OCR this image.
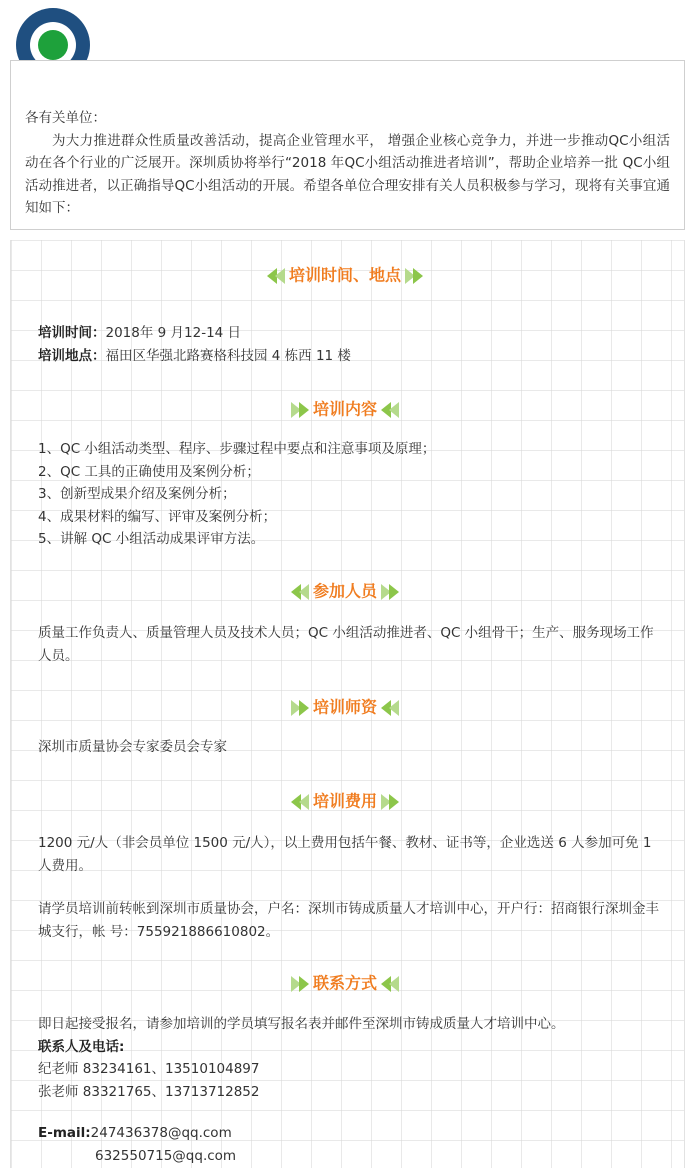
各有关单位：

为大力推进群众性质量改善活动，提高企业管理水平， 增强企业核心竞争力，并进一步推动QC小组活动在各个行业的广泛展开。深圳质协将举行“2018 年QC小组活动推进者培训”，帮助企业培养一批 QC小组活动推进者，以正确指导QC小组活动的开展。希望各单位合理安排有关人员积极参与学习，现将有关事宜通知如下：

培训时间、地点

培训时间：2018年 9 月12-14 日

培训地点：福田区华强北路赛格科技园 4 栋西 11 楼

培训内容

1、QC 小组活动类型、程序、步骤过程中要点和注意事项及原理；

2、QC 工具的正确使用及案例分析；

3、创新型成果介绍及案例分析；

4、成果材料的编写、评审及案例分析；

5、讲解 QC 小组活动成果评审方法。

参加人员
质量工作负责人、质量管理人员及技术人员；QC 小组活动推进者、QC 小组骨干；生产、服务现场工作人员。
培训师资
深圳市质量协会专家委员会专家
培训费用
1200 元/人（非会员单位 1500 元/人），以上费用包括午餐、教材、证书等，企业选送 6 人参加可免 1 人费用。
请学员培训前转帐到深圳市质量协会，户名：深圳市铸成质量人才培训中心，开户行：招商银行深圳金丰城支行，帐 号：755921886610802。
联系方式

即日起接受报名，请参加培训的学员填写报名表并邮件至深圳市铸成质量人才培训中心。

联系人及电话:

纪老师 83234161、13510104897

张老师 83321765、13713712852

E-mail:247436378@qq.com

632550715@qq.com
